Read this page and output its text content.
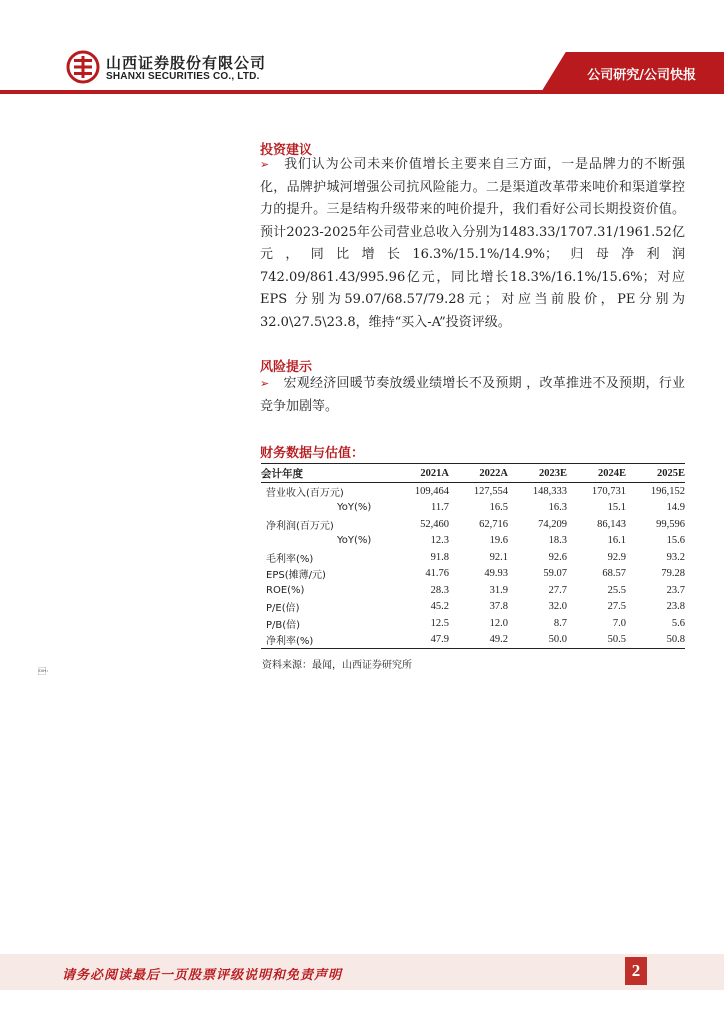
山西证券股份有限公司
SHANXI SECURITIES CO., LTD.	公司研究/公司快报
投资建议
➢ 我们认为公司未来价值增长主要来自三方面，一是品牌力的不断强化，品牌护城河增强公司抗风险能力。二是渠道改革带来吨价和渠道掌控力的提升。三是结构升级带来的吨价提升，我们看好公司长期投资价值。预计2023-2025年公司营业总收入分别为1483.33/1707.31/1961.52亿元，同比增长16.3%/15.1%/14.9%；归母净利润742.09/861.43/995.96亿元，同比增长18.3%/16.1%/15.6%；对应 EPS 分别为59.07/68.57/79.28元；对应当前股价，PE分别为32.0\27.5\23.8，维持“买入-A”投资评级。
风险提示
➢ 宏观经济回暖节奏放缓业绩增长不及预期 ，改革推进不及预期，行业竞争加剧等。
财务数据与估值：
会计年度	2021A	2022A	2023E	2024E	2025E
营业收入(百万元)	109,464	127,554	148,333	170,731	196,152
YoY(%)	11.7	16.5	16.3	15.1	14.9
净利润(百万元)	52,460	62,716	74,209	86,143	99,596
YoY(%)	12.3	19.6	18.3	16.1	15.6
毛利率(%)	91.8	92.1	92.6	92.9	93.2
EPS(摊薄/元)	41.76	49.93	59.07	68.57	79.28
ROE(%)	28.3	31.9	27.7	25.5	23.7
P/E(倍)	45.2	37.8	32.0	27.5	23.8
P/B(倍)	12.5	12.0	8.7	7.0	5.6
净利率(%)	47.9	49.2	50.0	50.5	50.8
资料来源：最闻，山西证券研究所
·
请务必阅读最后一页股票评级说明和免责声明	2
